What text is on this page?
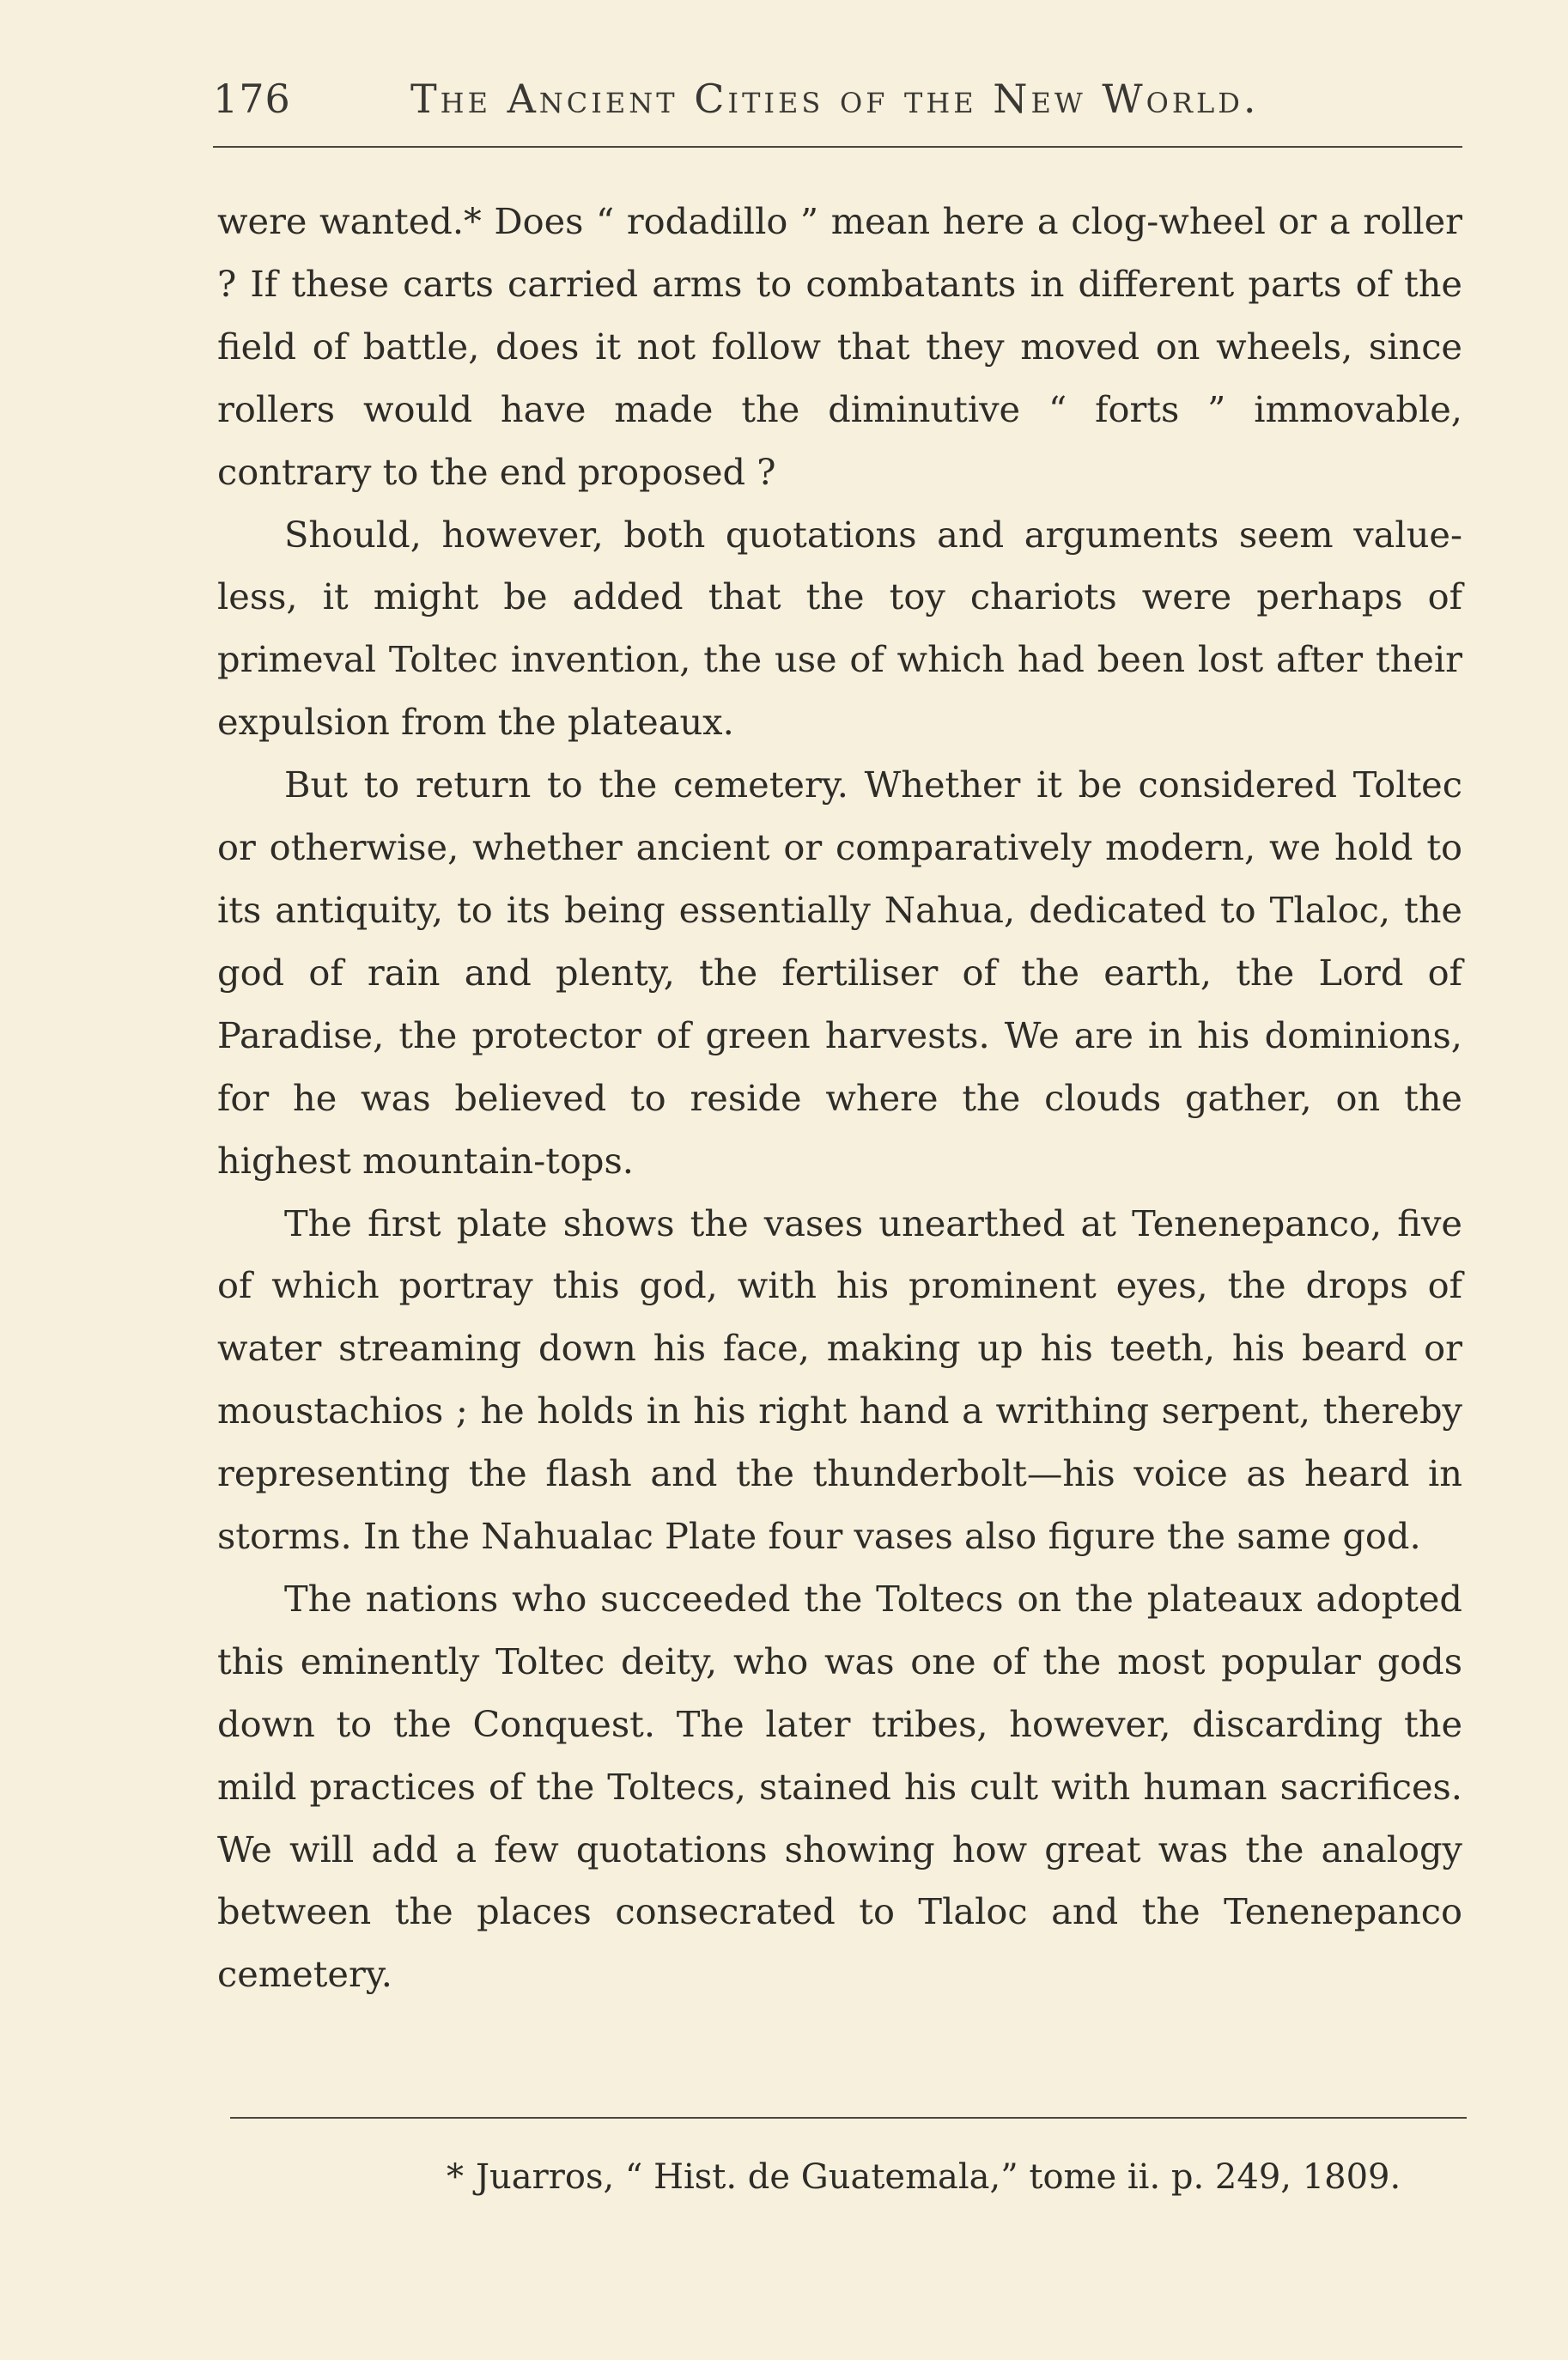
176	The Ancient Cities of the New World.

were wanted.* Does “ rodadillo ” mean here a clog-wheel or a roller ? If these carts carried arms to combatants in different parts of the field of battle, does it not follow that they moved on wheels, since rollers would have made the diminutive “ forts ” immovable, contrary to the end proposed ?

Should, however, both quotations and arguments seem value-less, it might be added that the toy chariots were perhaps of primeval Toltec invention, the use of which had been lost after their expulsion from the plateaux.

But to return to the cemetery. Whether it be considered Toltec or otherwise, whether ancient or comparatively modern, we hold to its antiquity, to its being essentially Nahua, dedicated to Tlaloc, the god of rain and plenty, the fertiliser of the earth, the Lord of Paradise, the protector of green harvests. We are in his dominions, for he was believed to reside where the clouds gather, on the highest mountain-tops.

The first plate shows the vases unearthed at Tenenepanco, five of which portray this god, with his prominent eyes, the drops of water streaming down his face, making up his teeth, his beard or moustachios ; he holds in his right hand a writhing serpent, thereby representing the flash and the thunderbolt—his voice as heard in storms. In the Nahualac Plate four vases also figure the same god.

The nations who succeeded the Toltecs on the plateaux adopted this eminently Toltec deity, who was one of the most popular gods down to the Conquest. The later tribes, however, discarding the mild practices of the Toltecs, stained his cult with human sacrifices. We will add a few quotations showing how great was the analogy between the places consecrated to Tlaloc and the Tenenepanco cemetery.

* Juarros, “ Hist. de Guatemala,” tome ii. p. 249, 1809.
